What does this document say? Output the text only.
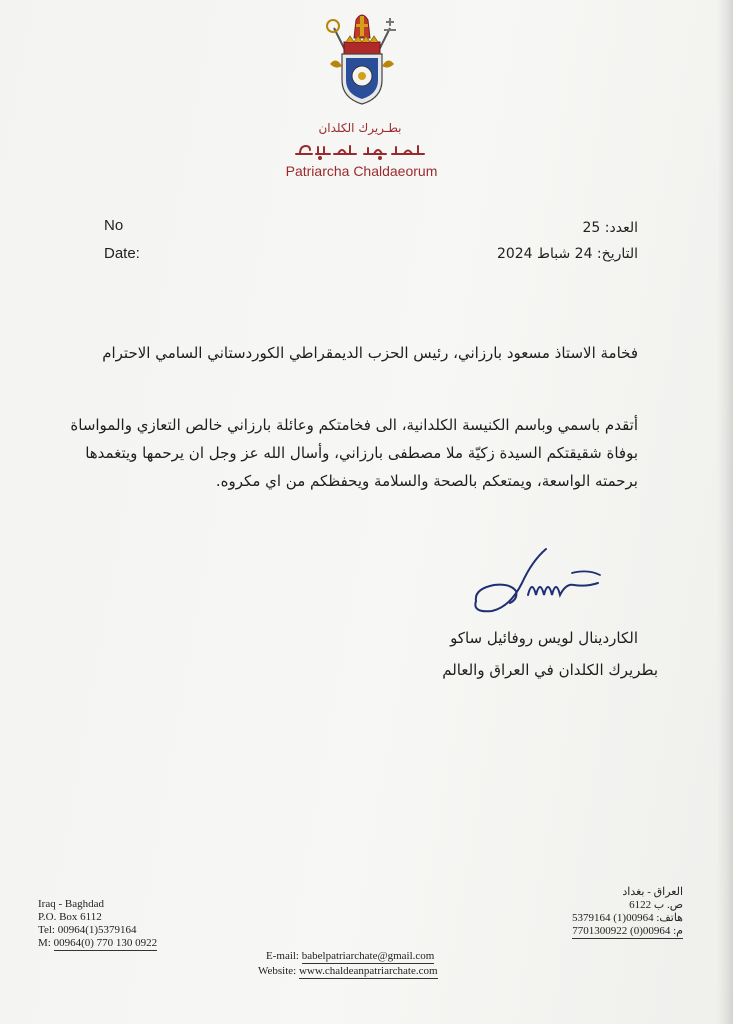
بطـريرك الكلدان
Patriarcha Chaldaeorum
No
Date:
العدد: 25
التاريخ: 24 شباط 2024
فخامة الاستاذ مسعود بارزاني، رئيس الحزب الديمقراطي الكوردستاني السامي الاحترام
أتقدم باسمي وباسم الكنيسة الكلدانية، الى فخامتكم وعائلة بارزاني خالص التعازي والمواساة
بوفاة شقيقتكم السيدة زكيّة ملا مصطفى بارزاني، وأسال الله عز وجل ان يرحمها ويتغمدها
برحمته الواسعة، ويمتعكم بالصحة والسلامة ويحفظكم من اي مكروه.
الكاردينال لويس روفائيل ساكو
بطريرك الكلدان في العراق والعالم
Iraq - Baghdad
P.O. Box 6112
Tel: 00964(1)5379164
M: 00964(0) 770 130 0922
العراق - بغداد
ص. ب 6122
هاتف: 00964(1) 5379164
م: 00964(0) 7701300922
E-mail: babelpatriarchate@gmail.com
Website: www.chaldeanpatriarchate.com
